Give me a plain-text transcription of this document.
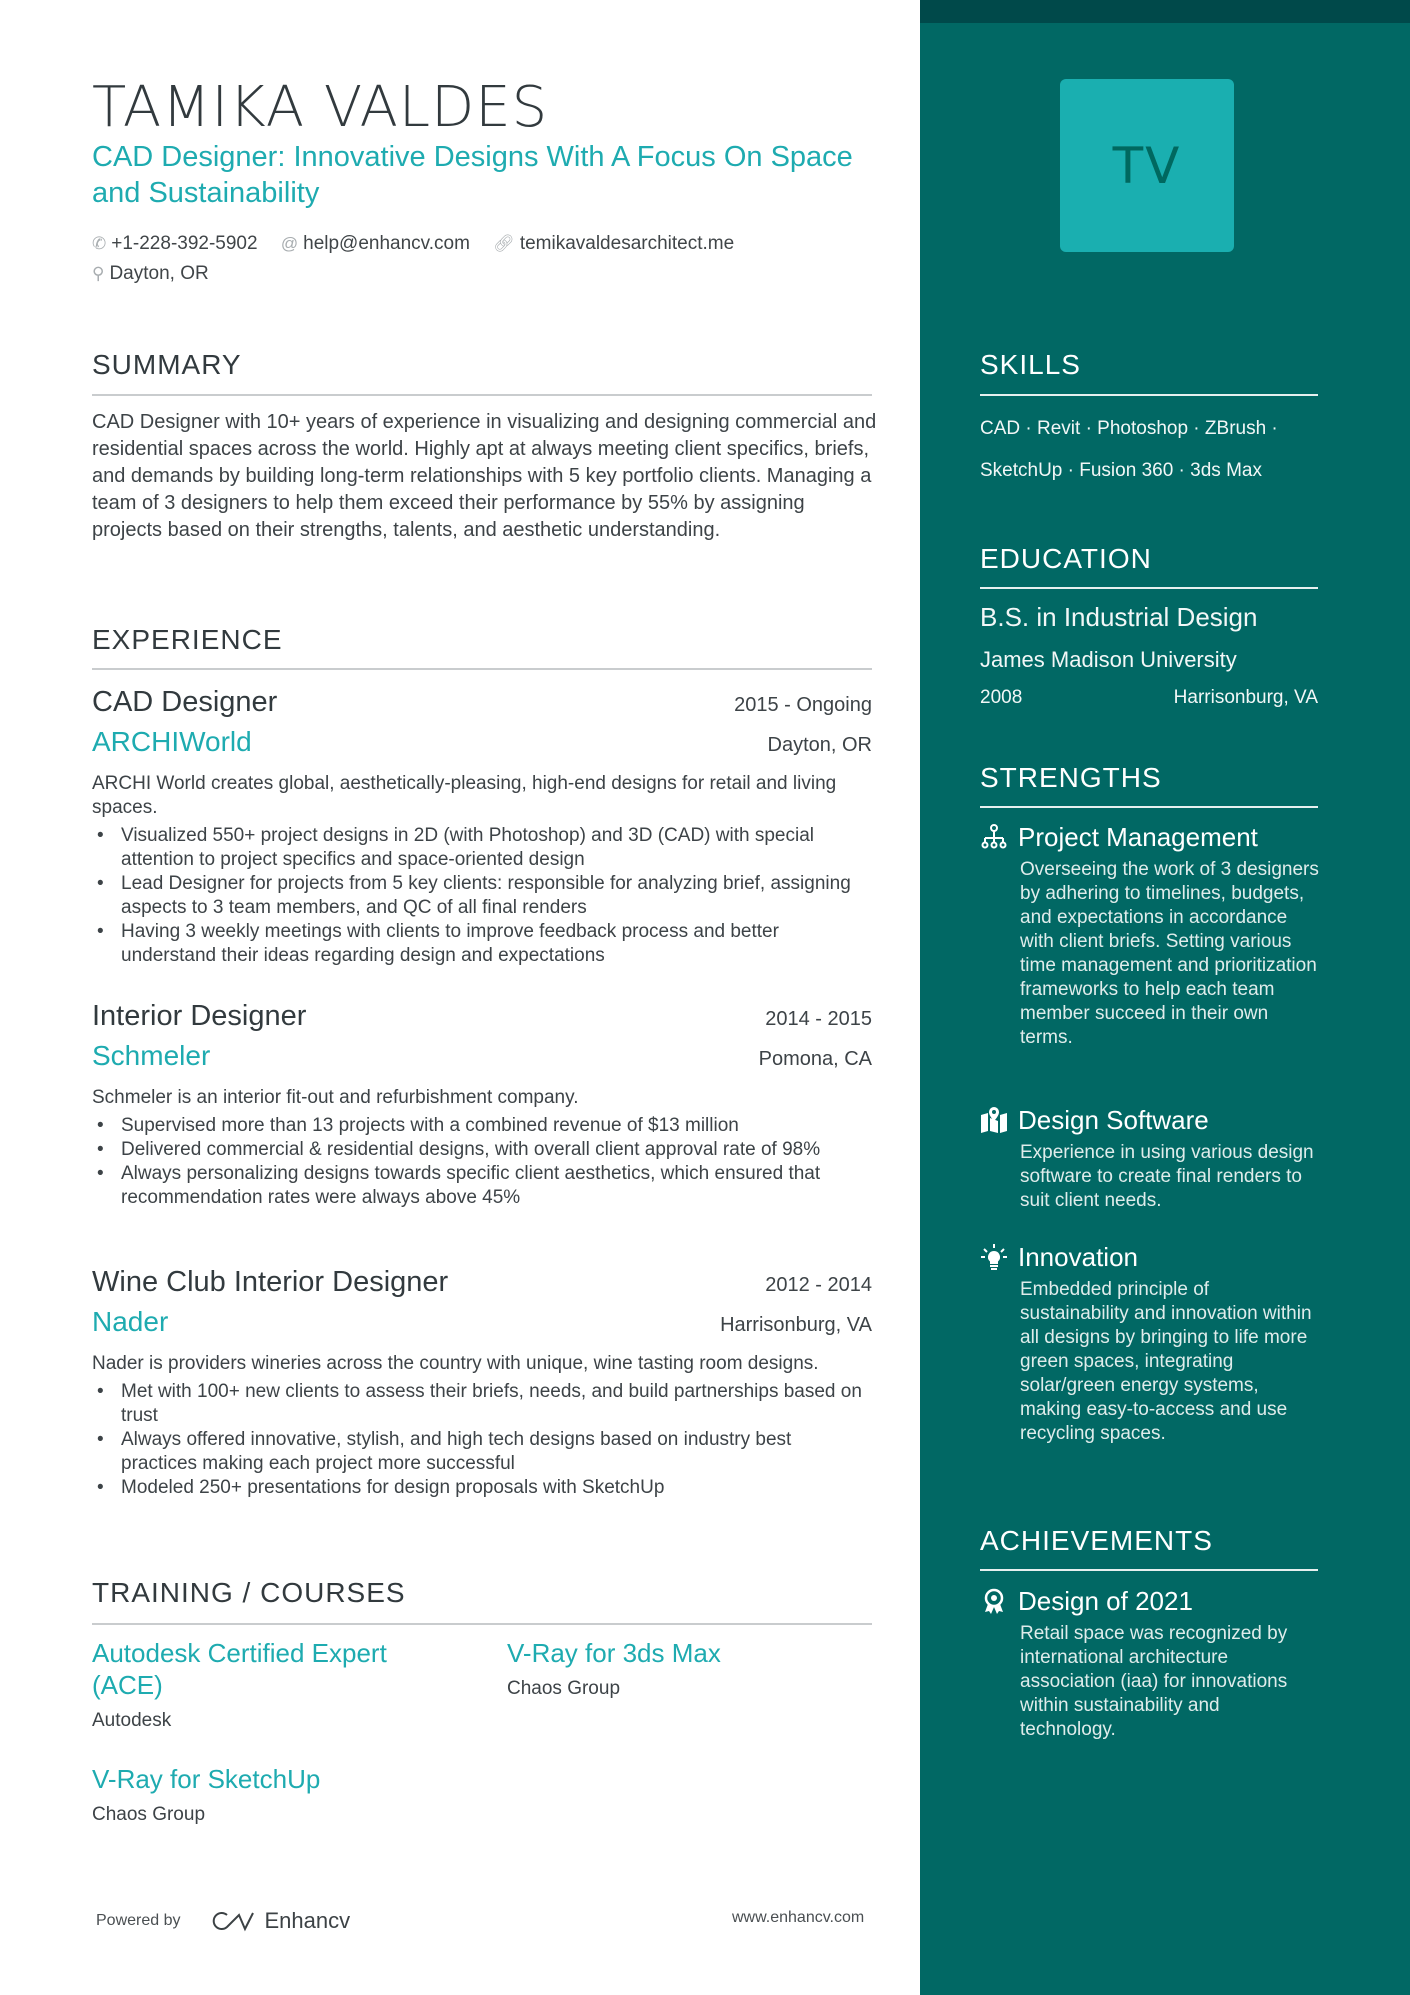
TAMIKA VALDES
CAD Designer: Innovative Designs With A Focus On Space and Sustainability
✆ +1-228-392-5902 @ help@enhancv.com 🔗︎ temikavaldesarchitect.me
⚲ Dayton, OR
SUMMARY
CAD Designer with 10+ years of experience in visualizing and designing commercial and residential spaces across the world. Highly apt at always meeting client specifics, briefs, and demands by building long-term relationships with 5 key portfolio clients. Managing a team of 3 designers to help them exceed their performance by 55% by assigning projects based on their strengths, talents, and aesthetic understanding.
EXPERIENCE
CAD Designer	2015 - Ongoing
ARCHIWorld	Dayton, OR
ARCHI World creates global, aesthetically-pleasing, high-end designs for retail and living spaces.
• Visualized 550+ project designs in 2D (with Photoshop) and 3D (CAD) with special attention to project specifics and space-oriented design
• Lead Designer for projects from 5 key clients: responsible for analyzing brief, assigning aspects to 3 team members, and QC of all final renders
• Having 3 weekly meetings with clients to improve feedback process and better understand their ideas regarding design and expectations
Interior Designer	2014 - 2015
Schmeler	Pomona, CA
Schmeler is an interior fit-out and refurbishment company.
• Supervised more than 13 projects with a combined revenue of $13 million
• Delivered commercial & residential designs, with overall client approval rate of 98%
• Always personalizing designs towards specific client aesthetics, which ensured that recommendation rates were always above 45%
Wine Club Interior Designer	2012 - 2014
Nader	Harrisonburg, VA
Nader is providers wineries across the country with unique, wine tasting room designs.
• Met with 100+ new clients to assess their briefs, needs, and build partnerships based on trust
• Always offered innovative, stylish, and high tech designs based on industry best practices making each project more successful
• Modeled 250+ presentations for design proposals with SketchUp
TRAINING / COURSES
Autodesk Certified Expert (ACE)
Autodesk
V-Ray for 3ds Max
Chaos Group
V-Ray for SketchUp
Chaos Group
Powered by	Enhancv	www.enhancv.com
TV
SKILLS
CAD · Revit · Photoshop · ZBrush ·
SketchUp · Fusion 360 · 3ds Max
EDUCATION
B.S. in Industrial Design
James Madison University
2008	Harrisonburg, VA
STRENGTHS
Project Management
Overseeing the work of 3 designers by adhering to timelines, budgets, and expectations in accordance with client briefs. Setting various time management and prioritization frameworks to help each team member succeed in their own terms.
Design Software
Experience in using various design software to create final renders to suit client needs.
Innovation
Embedded principle of sustainability and innovation within all designs by bringing to life more green spaces, integrating solar/green energy systems, making easy-to-access and use recycling spaces.
ACHIEVEMENTS
Design of 2021
Retail space was recognized by international architecture association (iaa) for innovations within sustainability and technology.
